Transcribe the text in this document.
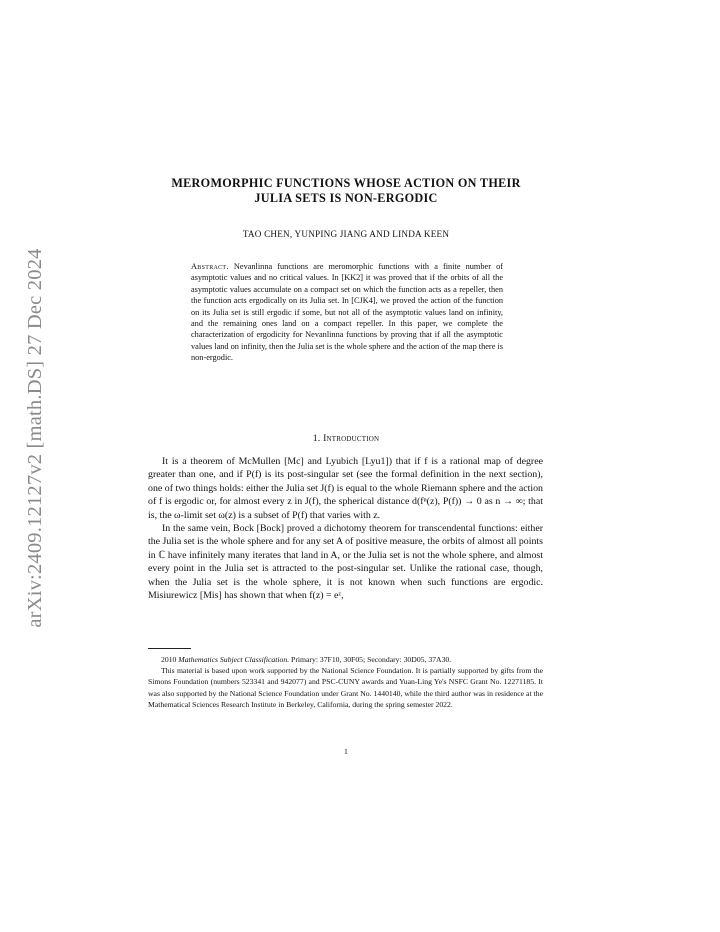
arXiv:2409.12127v2 [math.DS] 27 Dec 2024
MEROMORPHIC FUNCTIONS WHOSE ACTION ON THEIR
JULIA SETS IS NON-ERGODIC
TAO CHEN, YUNPING JIANG AND LINDA KEEN
Abstract. Nevanlinna functions are meromorphic functions with a finite number of asymptotic values and no critical values. In [KK2] it was proved that if the orbits of all the asymptotic values accumulate on a compact set on which the function acts as a repeller, then the function acts ergodically on its Julia set. In [CJK4], we proved the action of the function on its Julia set is still ergodic if some, but not all of the asymptotic values land on infinity, and the remaining ones land on a compact repeller. In this paper, we complete the characterization of ergodicity for Nevanlinna functions by proving that if all the asymptotic values land on infinity, then the Julia set is the whole sphere and the action of the map there is non-ergodic.
1. Introduction

It is a theorem of McMullen [Mc] and Lyubich [Lyu1]) that if f is a rational map of degree greater than one, and if P(f) is its post-singular set (see the formal definition in the next section), one of two things holds: either the Julia set J(f) is equal to the whole Riemann sphere and the action of f is ergodic or, for almost every z in J(f), the spherical distance d(fⁿ(z), P(f)) → 0 as n → ∞; that is, the ω-limit set ω(z) is a subset of P(f) that varies with z.

In the same vein, Bock [Bock] proved a dichotomy theorem for transcendental functions: either the Julia set is the whole sphere and for any set A of positive measure, the orbits of almost all points in ℂ have infinitely many iterates that land in A, or the Julia set is not the whole sphere, and almost every point in the Julia set is attracted to the post-singular set. Unlike the rational case, though, when the Julia set is the whole sphere, it is not known when such functions are ergodic. Misiurewicz [Mis] has shown that when f(z) = eᶻ,

2010 Mathematics Subject Classification. Primary: 37F10, 30F05; Secondary: 30D05, 37A30.

This material is based upon work supported by the National Science Foundation. It is partially supported by gifts from the Simons Foundation (numbers 523341 and 942077) and PSC-CUNY awards and Yuan-Ling Ye's NSFC Grant No. 12271185. It was also supported by the National Science Foundation under Grant No. 1440140, while the third author was in residence at the Mathematical Sciences Research Institute in Berkeley, California, during the spring semester 2022.

1
